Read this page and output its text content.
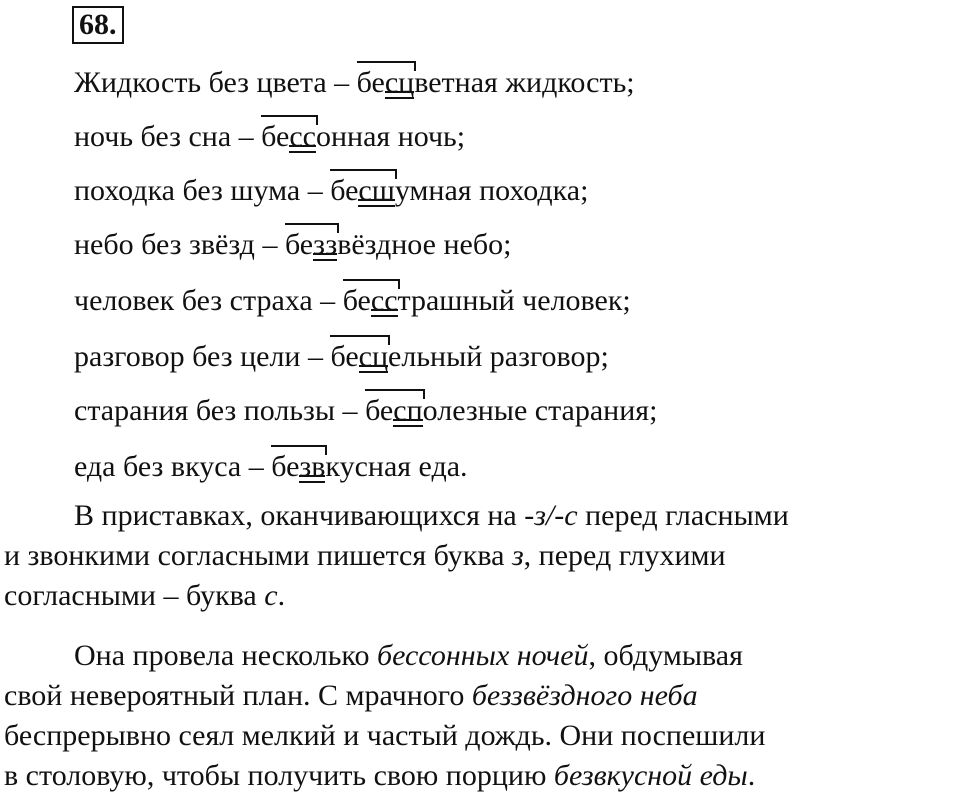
68.
Жидкость без цвета – бесцветная жидкость;
ночь без сна – бессонная ночь;
походка без шума – бесшумная походка;
небо без звёзд – беззвёздное небо;
человек без страха – бесстрашный человек;
разговор без цели – бесцельный разговор;
старания без пользы – бесполезные старания;
еда без вкуса – безвкусная еда.
В приставках, оканчивающихся на -з/-с перед гласными
и звонкими согласными пишется буква з, перед глухими
согласными – буква с.
Она провела несколько бессонных ночей, обдумывая
свой невероятный план. С мрачного беззвёздного неба
беспрерывно сеял мелкий и частый дождь. Они поспешили
в столовую, чтобы получить свою порцию безвкусной еды.
